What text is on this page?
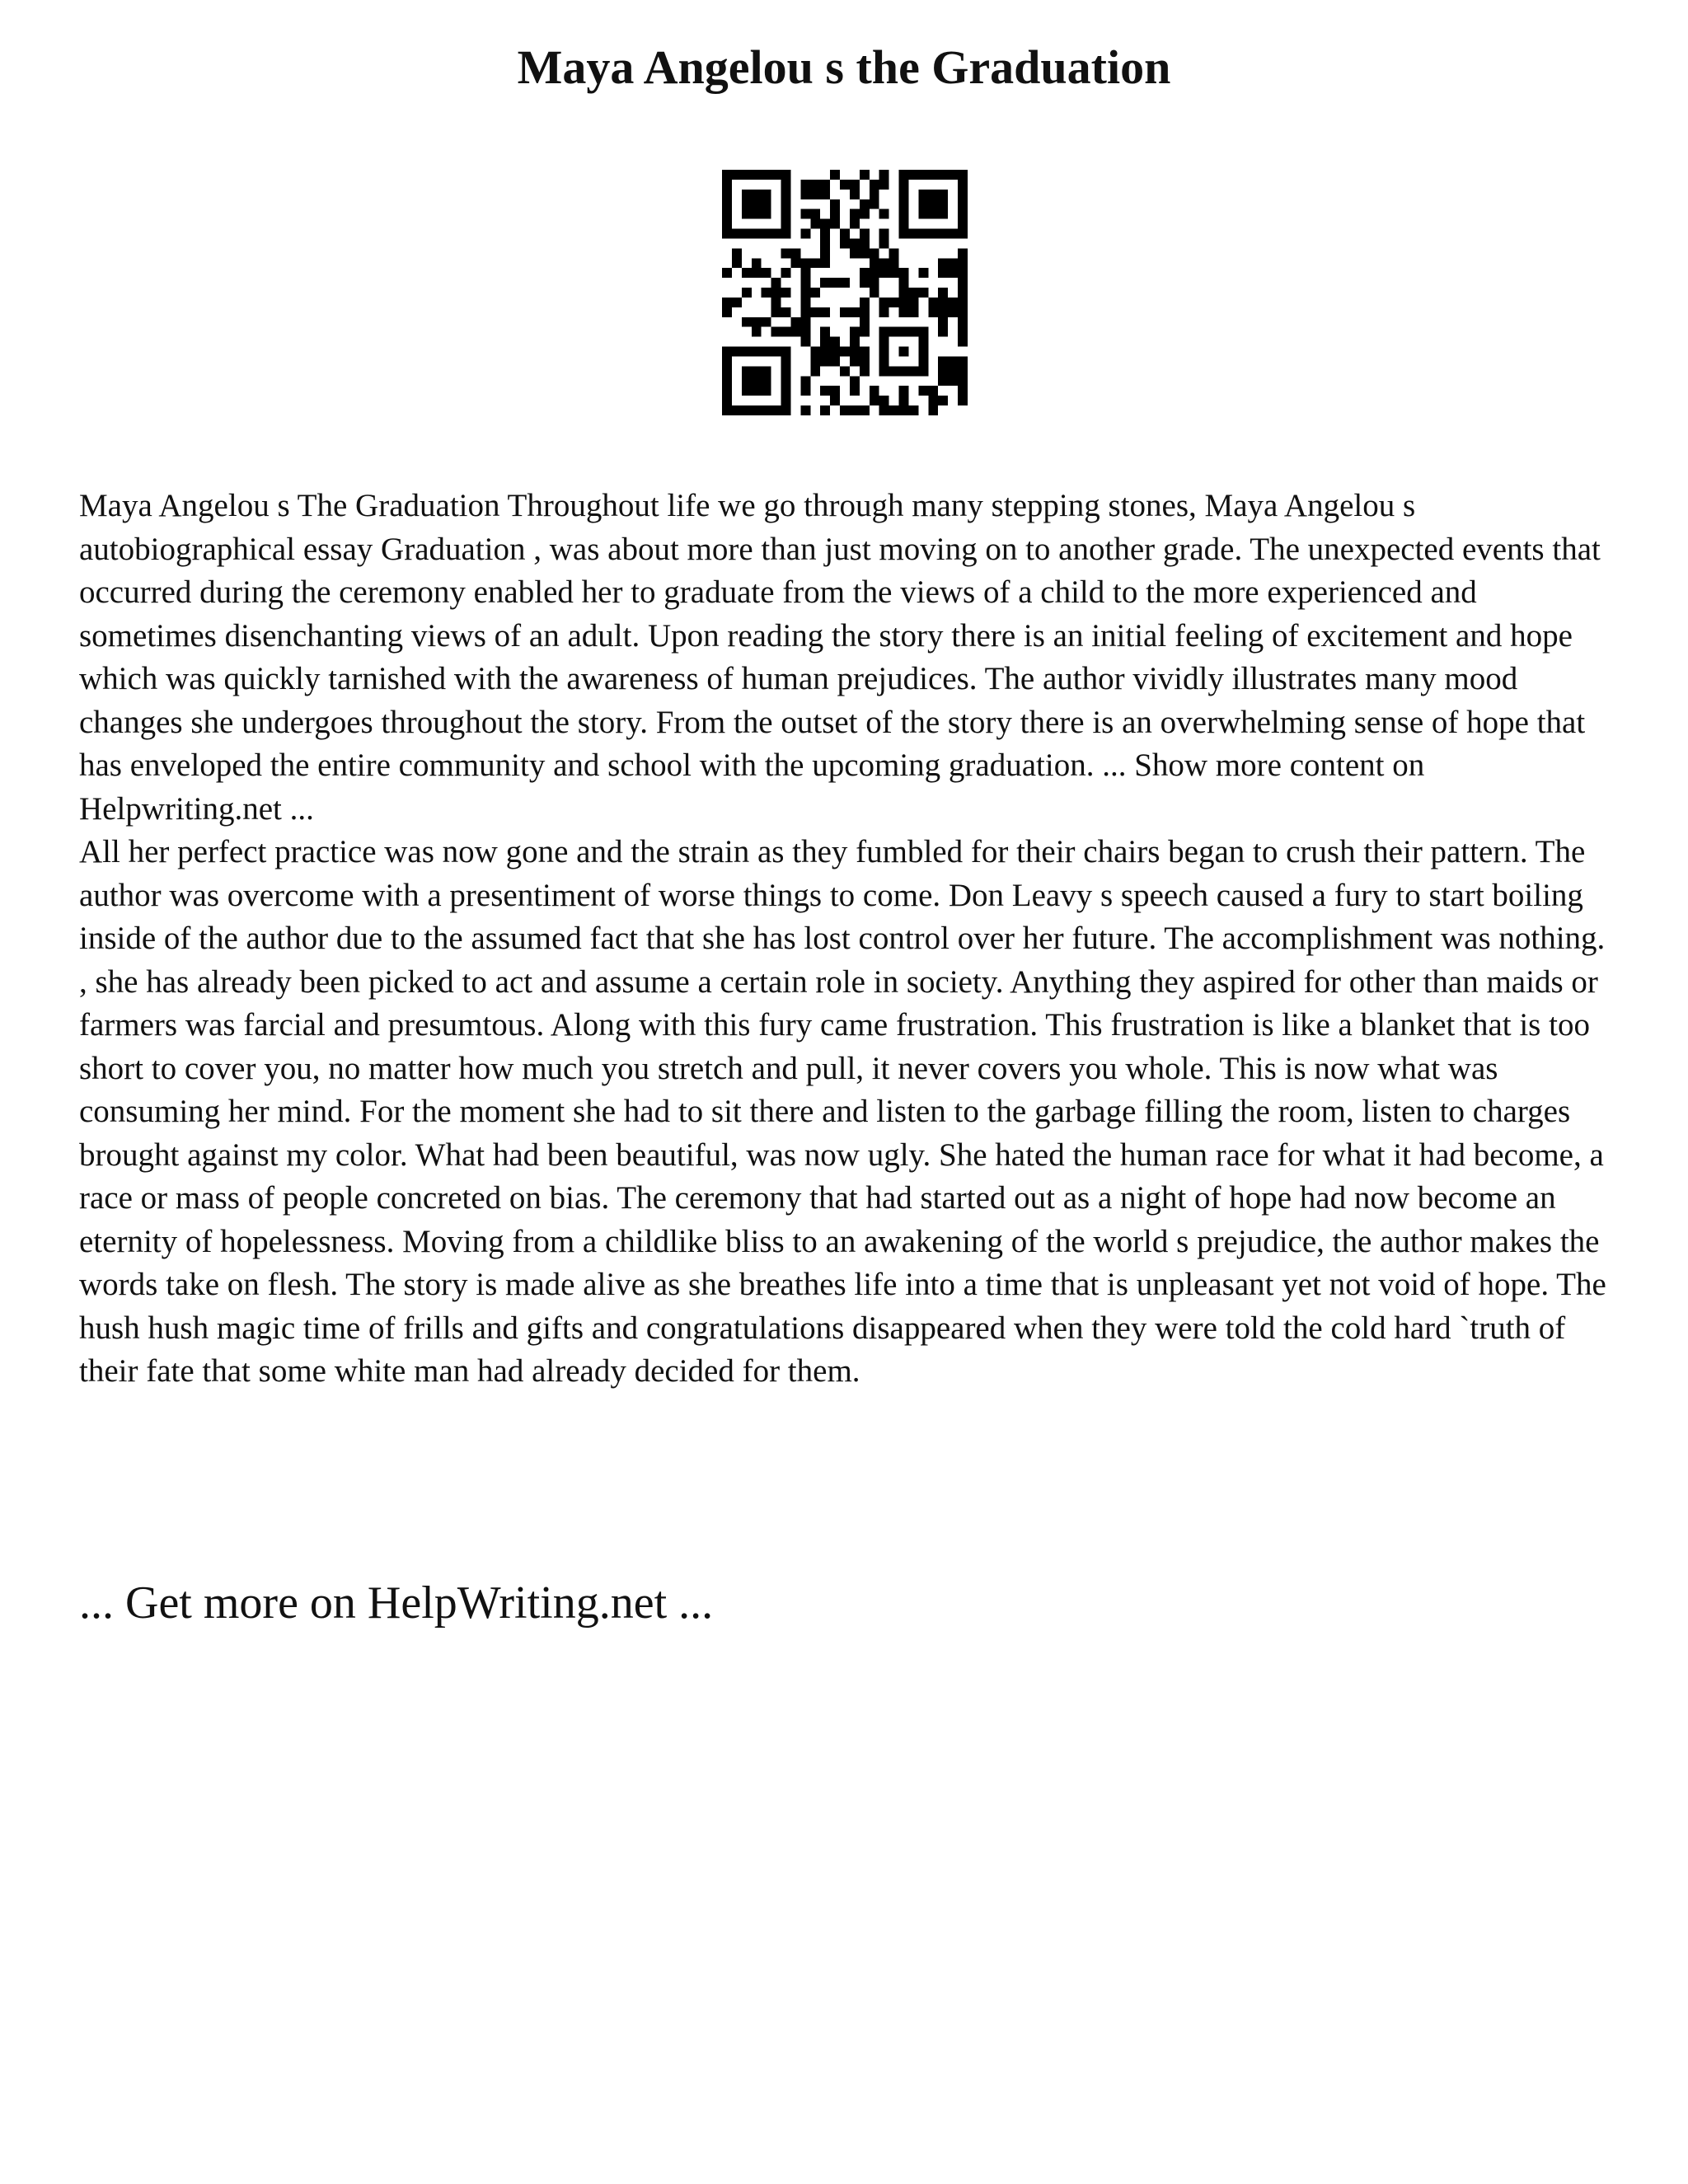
Maya Angelou s the Graduation

Maya Angelou s The Graduation Throughout life we go through many stepping stones, Maya Angelou s autobiographical essay Graduation , was about more than just moving on to another grade. The unexpected events that occurred during the ceremony enabled her to graduate from the views of a child to the more experienced and sometimes disenchanting views of an adult. Upon reading the story there is an initial feeling of excitement and hope which was quickly tarnished with the awareness of human prejudices. The author vividly illustrates many mood changes she undergoes throughout the story. From the outset of the story there is an overwhelming sense of hope that has enveloped the entire community and school with the upcoming graduation. ... Show more content on Helpwriting.net ...

All her perfect practice was now gone and the strain as they fumbled for their chairs began to crush their pattern. The author was overcome with a presentiment of worse things to come. Don Leavy s speech caused a fury to start boiling inside of the author due to the assumed fact that she has lost control over her future. The accomplishment was nothing. , she has already been picked to act and assume a certain role in society. Anything they aspired for other than maids or farmers was farcial and presumtous. Along with this fury came frustration. This frustration is like a blanket that is too short to cover you, no matter how much you stretch and pull, it never covers you whole. This is now what was consuming her mind. For the moment she had to sit there and listen to the garbage filling the room, listen to charges brought against my color. What had been beautiful, was now ugly. She hated the human race for what it had become, a race or mass of people concreted on bias. The ceremony that had started out as a night of hope had now become an eternity of hopelessness. Moving from a childlike bliss to an awakening of the world s prejudice, the author makes the words take on flesh. The story is made alive as she breathes life into a time that is unpleasant yet not void of hope. The hush hush magic time of frills and gifts and congratulations disappeared when they were told the cold hard `truth of their fate that some white man had already decided for them.

... Get more on HelpWriting.net ...
